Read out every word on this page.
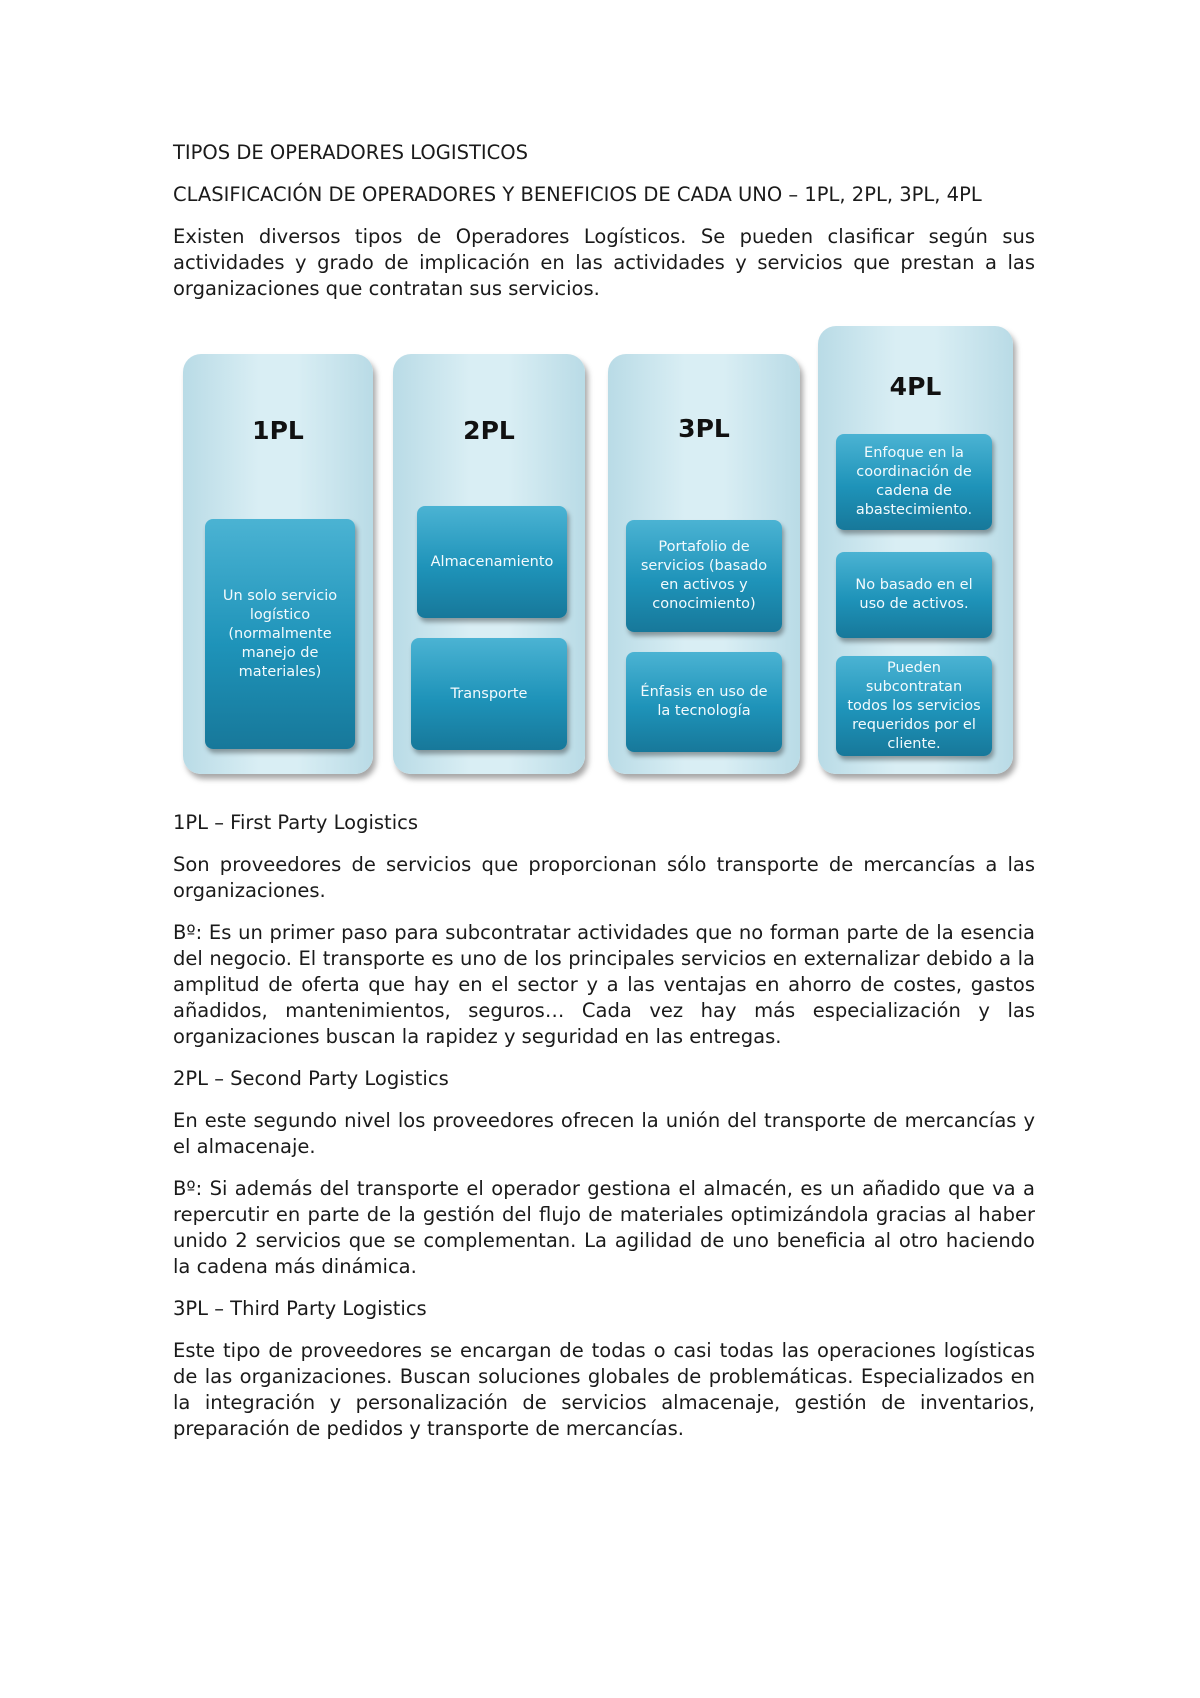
TIPOS DE OPERADORES LOGISTICOS

CLASIFICACIÓN DE OPERADORES Y BENEFICIOS DE CADA UNO – 1PL, 2PL, 3PL, 4PL

Existen diversos tipos de Operadores Logísticos. Se pueden clasificar según sus actividades y grado de implicación en las actividades y servicios que prestan a las organizaciones que contratan sus servicios.

1PL
Un solo servicio logístico (normalmente manejo de materiales)
2PL
Almacenamiento
Transporte
3PL
Portafolio de servicios (basado en activos y conocimiento)
Énfasis en uso de la tecnología
4PL
Enfoque en la coordinación de cadena de abastecimiento.
No basado en el uso de activos.
Pueden subcontratan todos los servicios requeridos por el cliente.

1PL – First Party Logistics

Son proveedores de servicios que proporcionan sólo transporte de mercancías a las organizaciones.

Bº: Es un primer paso para subcontratar actividades que no forman parte de la esencia del negocio. El transporte es uno de los principales servicios en externalizar debido a la amplitud de oferta que hay en el sector y a las ventajas en ahorro de costes, gastos añadidos, mantenimientos, seguros… Cada vez hay más especialización y las organizaciones buscan la rapidez y seguridad en las entregas.

2PL – Second Party Logistics

En este segundo nivel los proveedores ofrecen la unión del transporte de mercancías y el almacenaje.

Bº: Si además del transporte el operador gestiona el almacén, es un añadido que va a repercutir en parte de la gestión del flujo de materiales optimizándola gracias al haber unido 2 servicios que se complementan. La agilidad de uno beneficia al otro haciendo la cadena más dinámica.

3PL – Third Party Logistics

Este tipo de proveedores se encargan de todas o casi todas las operaciones logísticas de las organizaciones. Buscan soluciones globales de problemáticas. Especializados en la integración y personalización de servicios almacenaje, gestión de inventarios, preparación de pedidos y transporte de mercancías.
